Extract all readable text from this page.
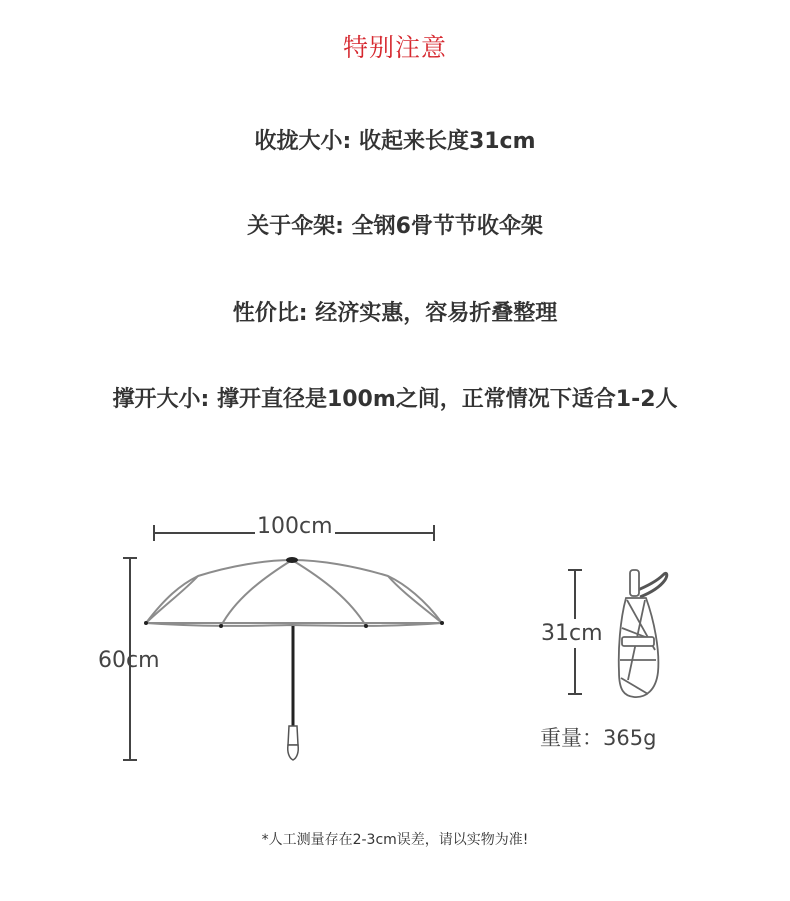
特别注意
收拢大小: 收起来长度31cm
关于伞架: 全钢6骨节节收伞架
性价比: 经济实惠，容易折叠整理
撑开大小: 撑开直径是100m之间，正常情况下适合1-2人
100cm
60cm
31cm
重量：365g
*人工测量存在2-3cm误差，请以实物为准!
